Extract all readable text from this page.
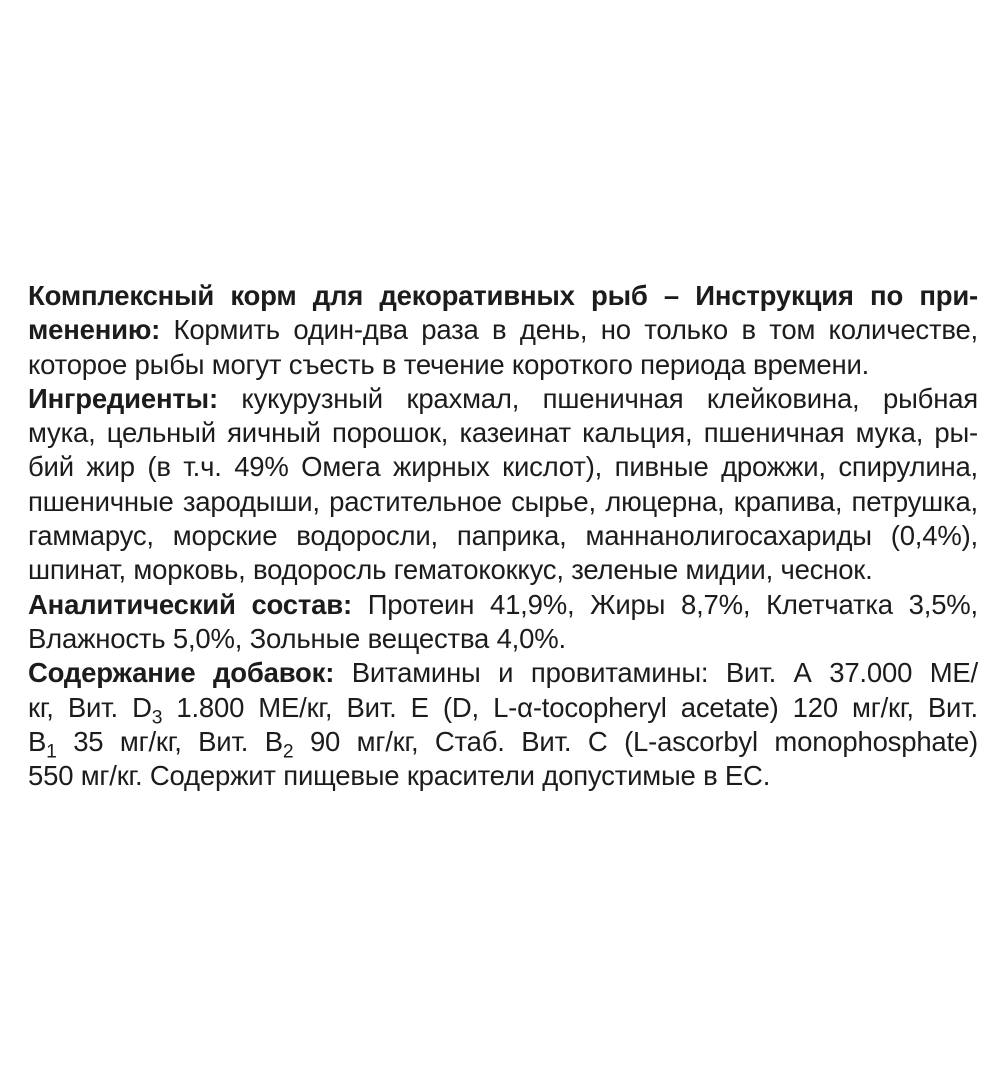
Комплексный корм для декоративных рыб – Инструкция по при-
менению: Кормить один-два раза в день, но только в том количестве,
которое рыбы могут съесть в течение короткого периода времени.
Ингредиенты: кукурузный крахмал, пшеничная клейковина, рыбная
мука, цельный яичный порошок, казеинат кальция, пшеничная мука, ры-
бий жир (в т.ч. 49% Омега жирных кислот), пивные дрожжи, спирулина,
пшеничные зародыши, растительное сырье, люцерна, крапива, петрушка,
гаммарус, морские водоросли, паприка, маннанолигосахариды (0,4%),
шпинат, морковь, водоросль гематококкус, зеленые мидии, чеснок.
Аналитический состав: Протеин 41,9%, Жиры 8,7%, Клетчатка 3,5%,
Влажность 5,0%, Зольные вещества 4,0%.
Содержание добавок: Витамины и провитамины: Вит. А 37.000 МЕ/
кг, Вит. $D_3$ 1.800 МЕ/кг, Вит. Е (D, L-α-tocopheryl acetate) 120 мг/кг, Вит.
$B_1$ 35 мг/кг, Вит. $B_2$ 90 мг/кг, Стаб. Вит. С (L-ascorbyl monophosphate)
550 мг/кг. Содержит пищевые красители допустимые в ЕС.
